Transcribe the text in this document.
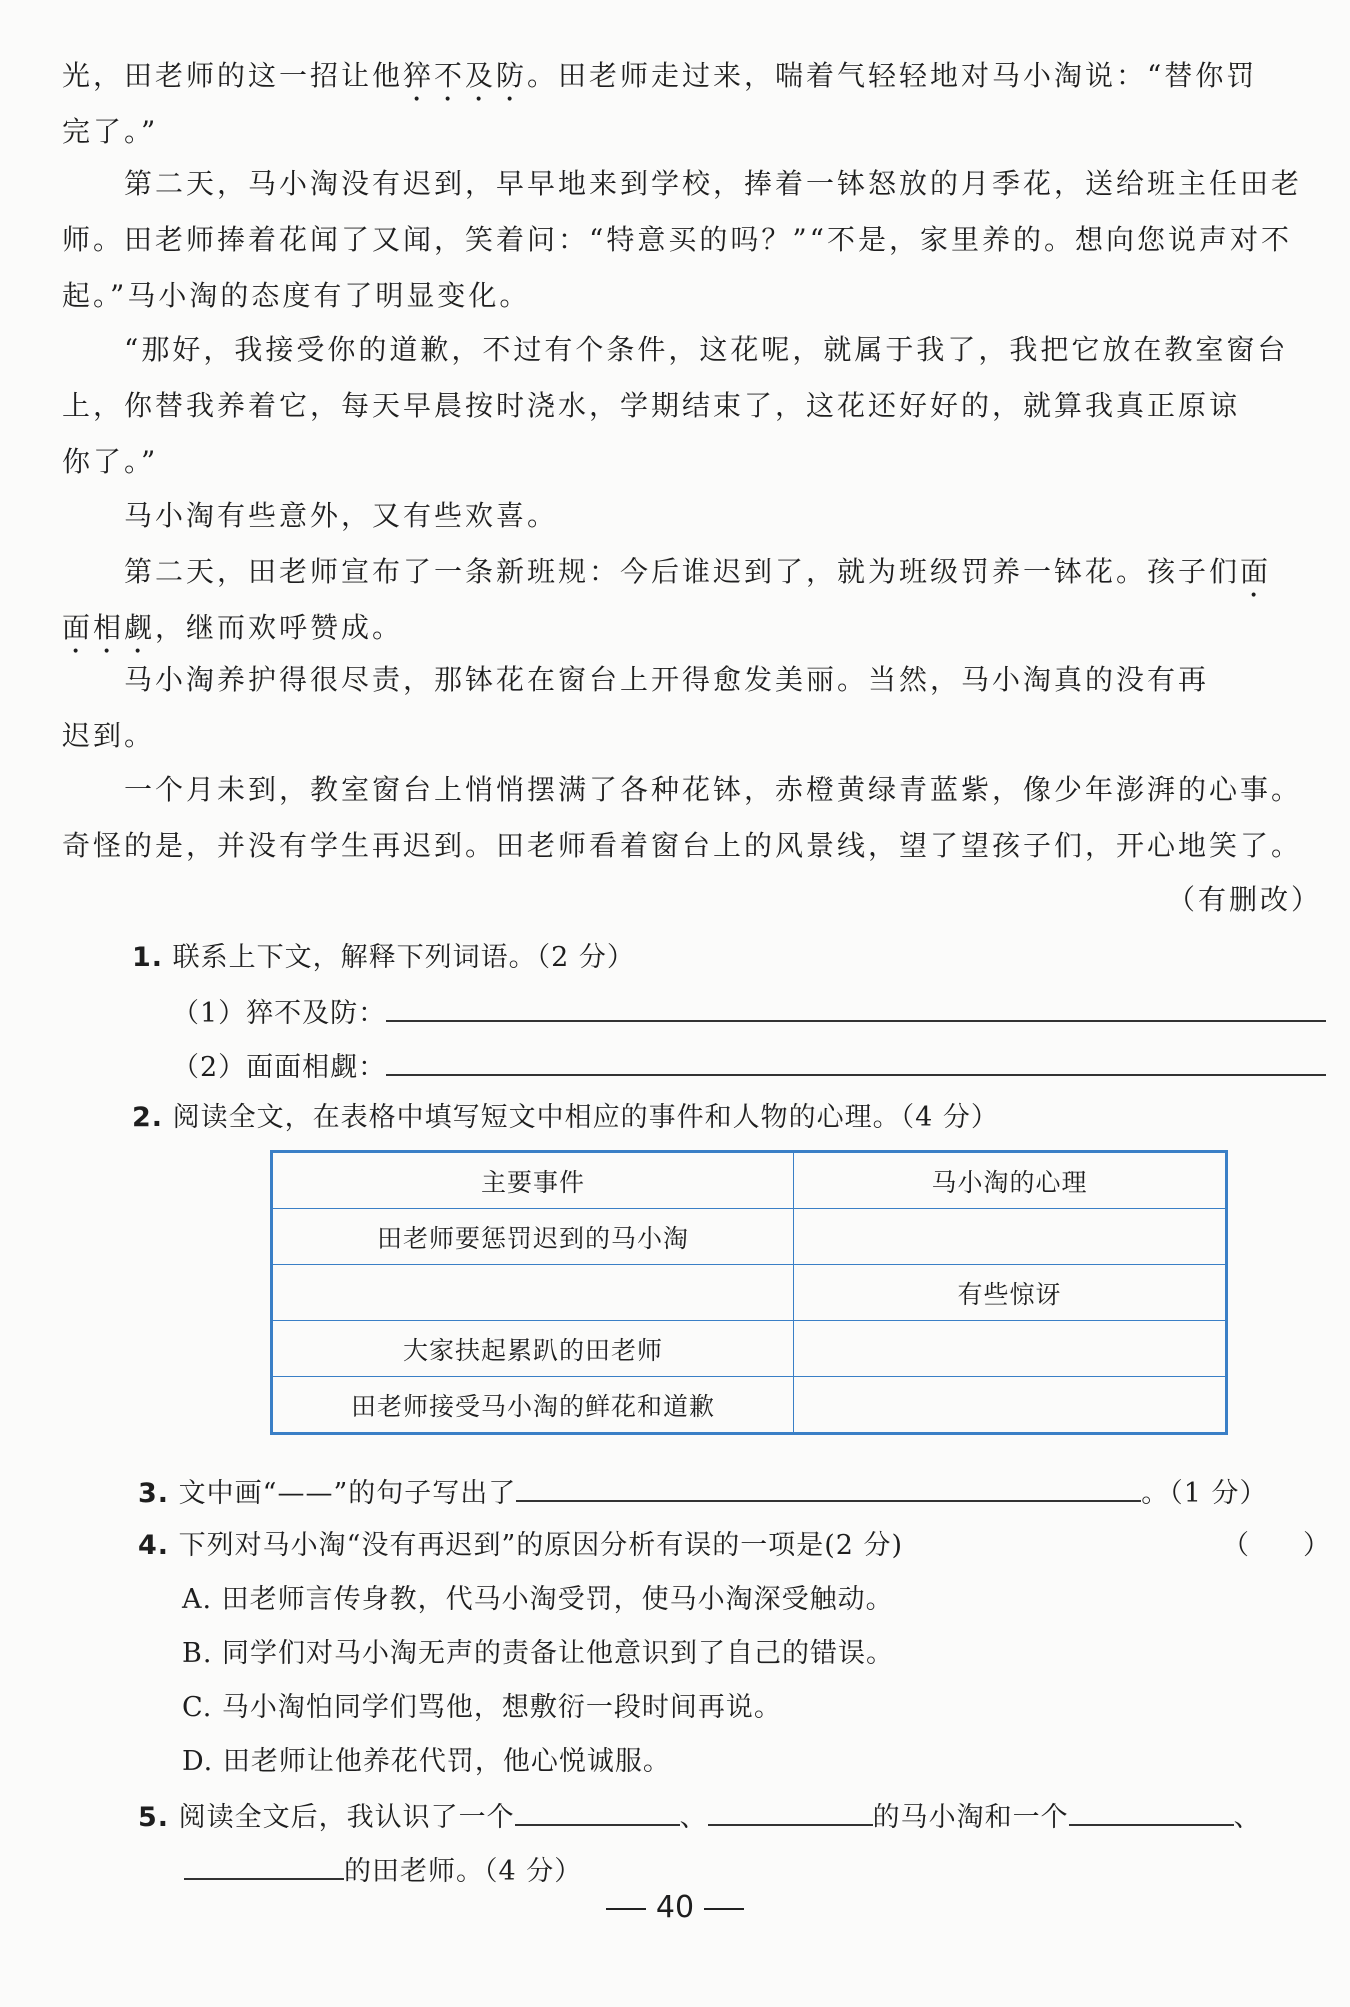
光，田老师的这一招让他猝不及防。田老师走过来，喘着气轻轻地对马小淘说：“替你罚
完了。”
第二天，马小淘没有迟到，早早地来到学校，捧着一钵怒放的月季花，送给班主任田老
师。田老师捧着花闻了又闻，笑着问：“特意买的吗？”“不是，家里养的。想向您说声对不
起。”马小淘的态度有了明显变化。
“那好，我接受你的道歉，不过有个条件，这花呢，就属于我了，我把它放在教室窗台
上，你替我养着它，每天早晨按时浇水，学期结束了，这花还好好的，就算我真正原谅
你了。”
马小淘有些意外，又有些欢喜。
第二天，田老师宣布了一条新班规：今后谁迟到了，就为班级罚养一钵花。孩子们面
面相觑，继而欢呼赞成。
马小淘养护得很尽责，那钵花在窗台上开得愈发美丽。当然，马小淘真的没有再
迟到。
一个月未到，教室窗台上悄悄摆满了各种花钵，赤橙黄绿青蓝紫，像少年澎湃的心事。
奇怪的是，并没有学生再迟到。田老师看着窗台上的风景线，望了望孩子们，开心地笑了。
（有删改）
1. 联系上下文，解释下列词语。（2 分）
（1）猝不及防：
（2）面面相觑：
2. 阅读全文，在表格中填写短文中相应的事件和人物的心理。（4 分）
主要事件	马小淘的心理
田老师要惩罚迟到的马小淘	
	有些惊讶
大家扶起累趴的田老师	
田老师接受马小淘的鲜花和道歉	
3. 文中画“——”的句子写出了	。（1 分）
4. 下列对马小淘“没有再迟到”的原因分析有误的一项是(2 分)	（　　）
A. 田老师言传身教，代马小淘受罚，使马小淘深受触动。
B. 同学们对马小淘无声的责备让他意识到了自己的错误。
C. 马小淘怕同学们骂他，想敷衍一段时间再说。
D. 田老师让他养花代罚，他心悦诚服。
5. 阅读全文后，我认识了一个	、	的马小淘和一个	、
的田老师。（4 分）
40
